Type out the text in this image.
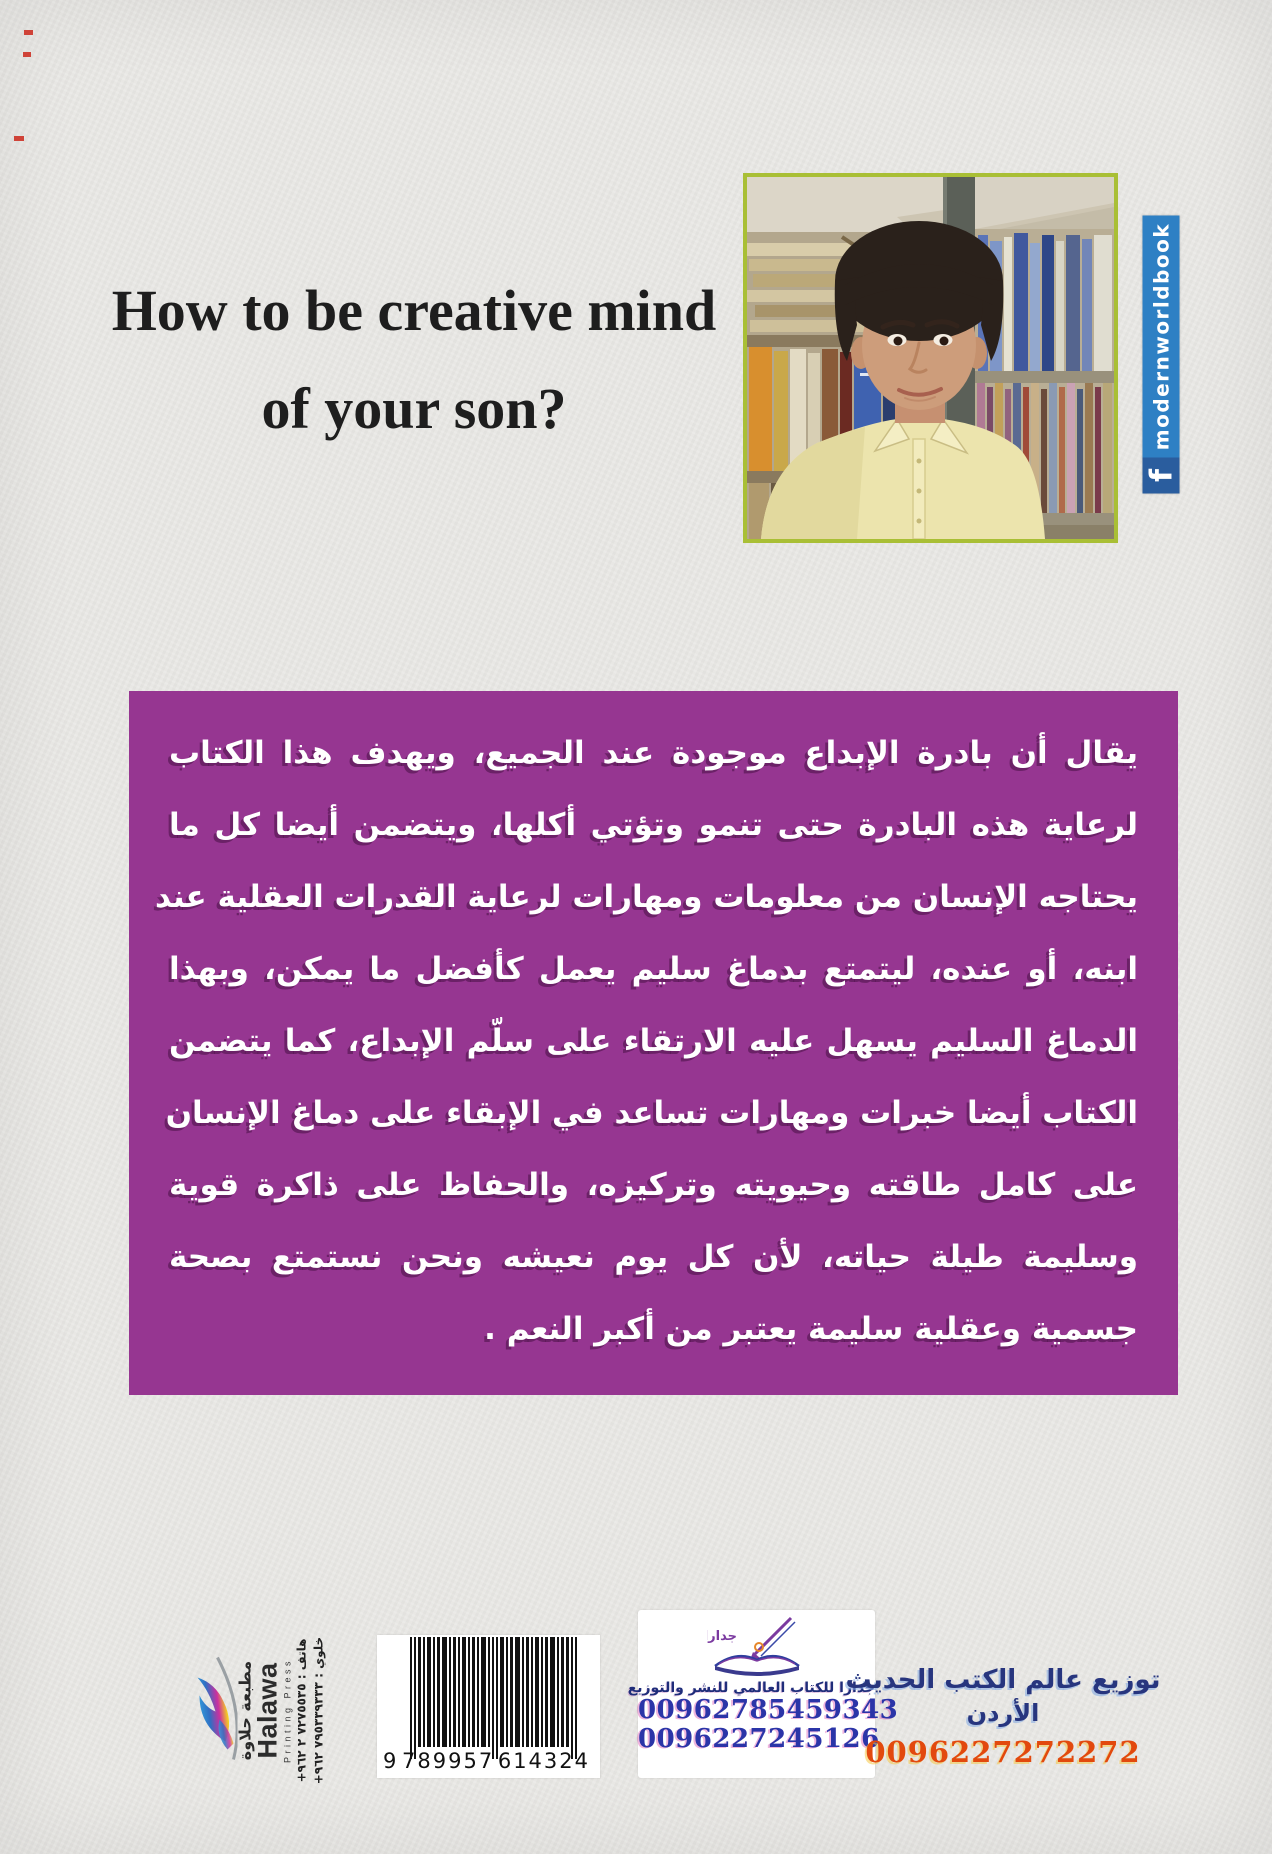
How to be creative mind
of your son?
f
modernworldbook
يقال أن بادرة الإبداع موجودة عند الجميع، ويهدف هذا الكتاب
لرعاية هذه البادرة حتى تنمو وتؤتي أكلها، ويتضمن أيضا كل ما
يحتاجه الإنسان من معلومات ومهارات لرعاية القدرات العقلية عند
ابنه، أو عنده، ليتمتع بدماغ سليم يعمل كأفضل ما يمكن، وبهذا
الدماغ السليم يسهل عليه الارتقاء على سلّم الإبداع، كما يتضمن
الكتاب أيضا خبرات ومهارات تساعد في الإبقاء على دماغ الإنسان
على كامل طاقته وحيويته وتركيزه، والحفاظ على ذاكرة قوية
وسليمة طيلة حياته، لأن كل يوم نعيشه ونحن نستمتع بصحة
جسمية وعقلية سليمة يعتبر من أكبر النعم .
مطبعة حلاوة
Halawa Printing Press
هاتف : ٧٢٧٥٥٣٥ ٢ ٩٦٢+
خلوي : ٧٩٥٣٣٩٣٣٣ ٩٦٢+
9 789957 614324
جدارا
جدارا للكتاب العالمي للنشر والتوزيع
00962785459343
0096227245126
توزيع عالم الكتب الحديث
الأردن
0096227272272
